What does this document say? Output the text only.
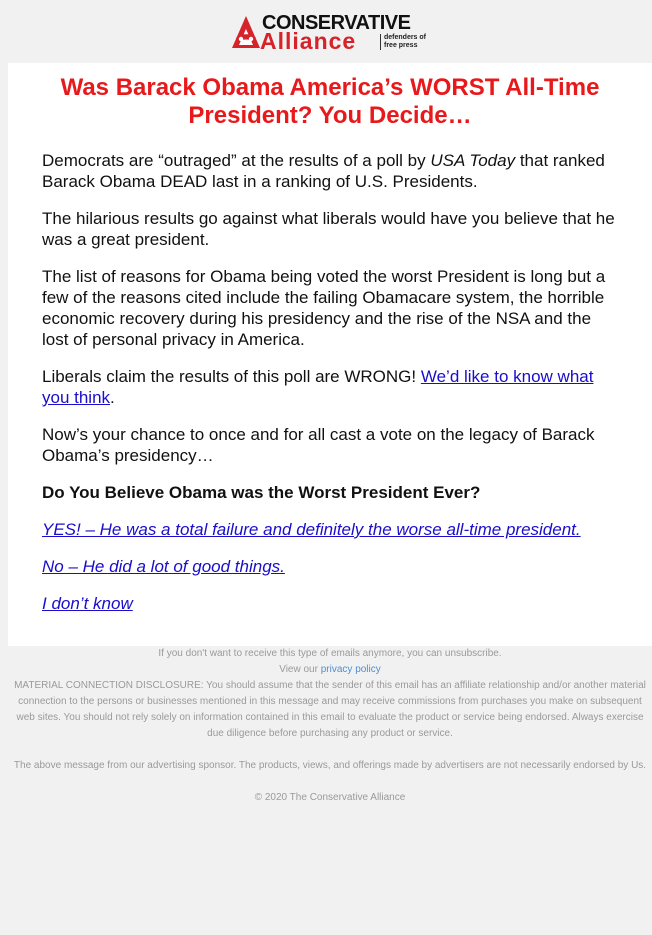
CONSERVATIVE
Alliance	defenders of
free press
Was Barack Obama America’s WORST All-Time President? You Decide…

Democrats are “outraged” at the results of a poll by USA Today that ranked Barack Obama DEAD last in a ranking of U.S. Presidents.

The hilarious results go against what liberals would have you believe that he was a great president.

The list of reasons for Obama being voted the worst President is long but a few of the reasons cited include the failing Obamacare system, the horrible economic recovery during his presidency and the rise of the NSA and the lost of personal privacy in America.

Liberals claim the results of this poll are WRONG! We’d like to know what you think.

Now’s your chance to once and for all cast a vote on the legacy of Barack Obama’s presidency…

Do You Believe Obama was the Worst President Ever?

YES! – He was a total failure and definitely the worse all-time president.

No – He did a lot of good things.

I don’t know

If you don't want to receive this type of emails anymore, you can unsubscribe.

View our privacy policy

MATERIAL CONNECTION DISCLOSURE: You should assume that the sender of this email has an affiliate relationship and/or another material connection to the persons or businesses mentioned in this message and may receive commissions from purchases you make on subsequent web sites. You should not rely solely on information contained in this email to evaluate the product or service being endorsed. Always exercise due diligence before purchasing any product or service.

The above message from our advertising sponsor. The products, views, and offerings made by advertisers are not necessarily endorsed by Us.

© 2020 The Conservative Alliance
